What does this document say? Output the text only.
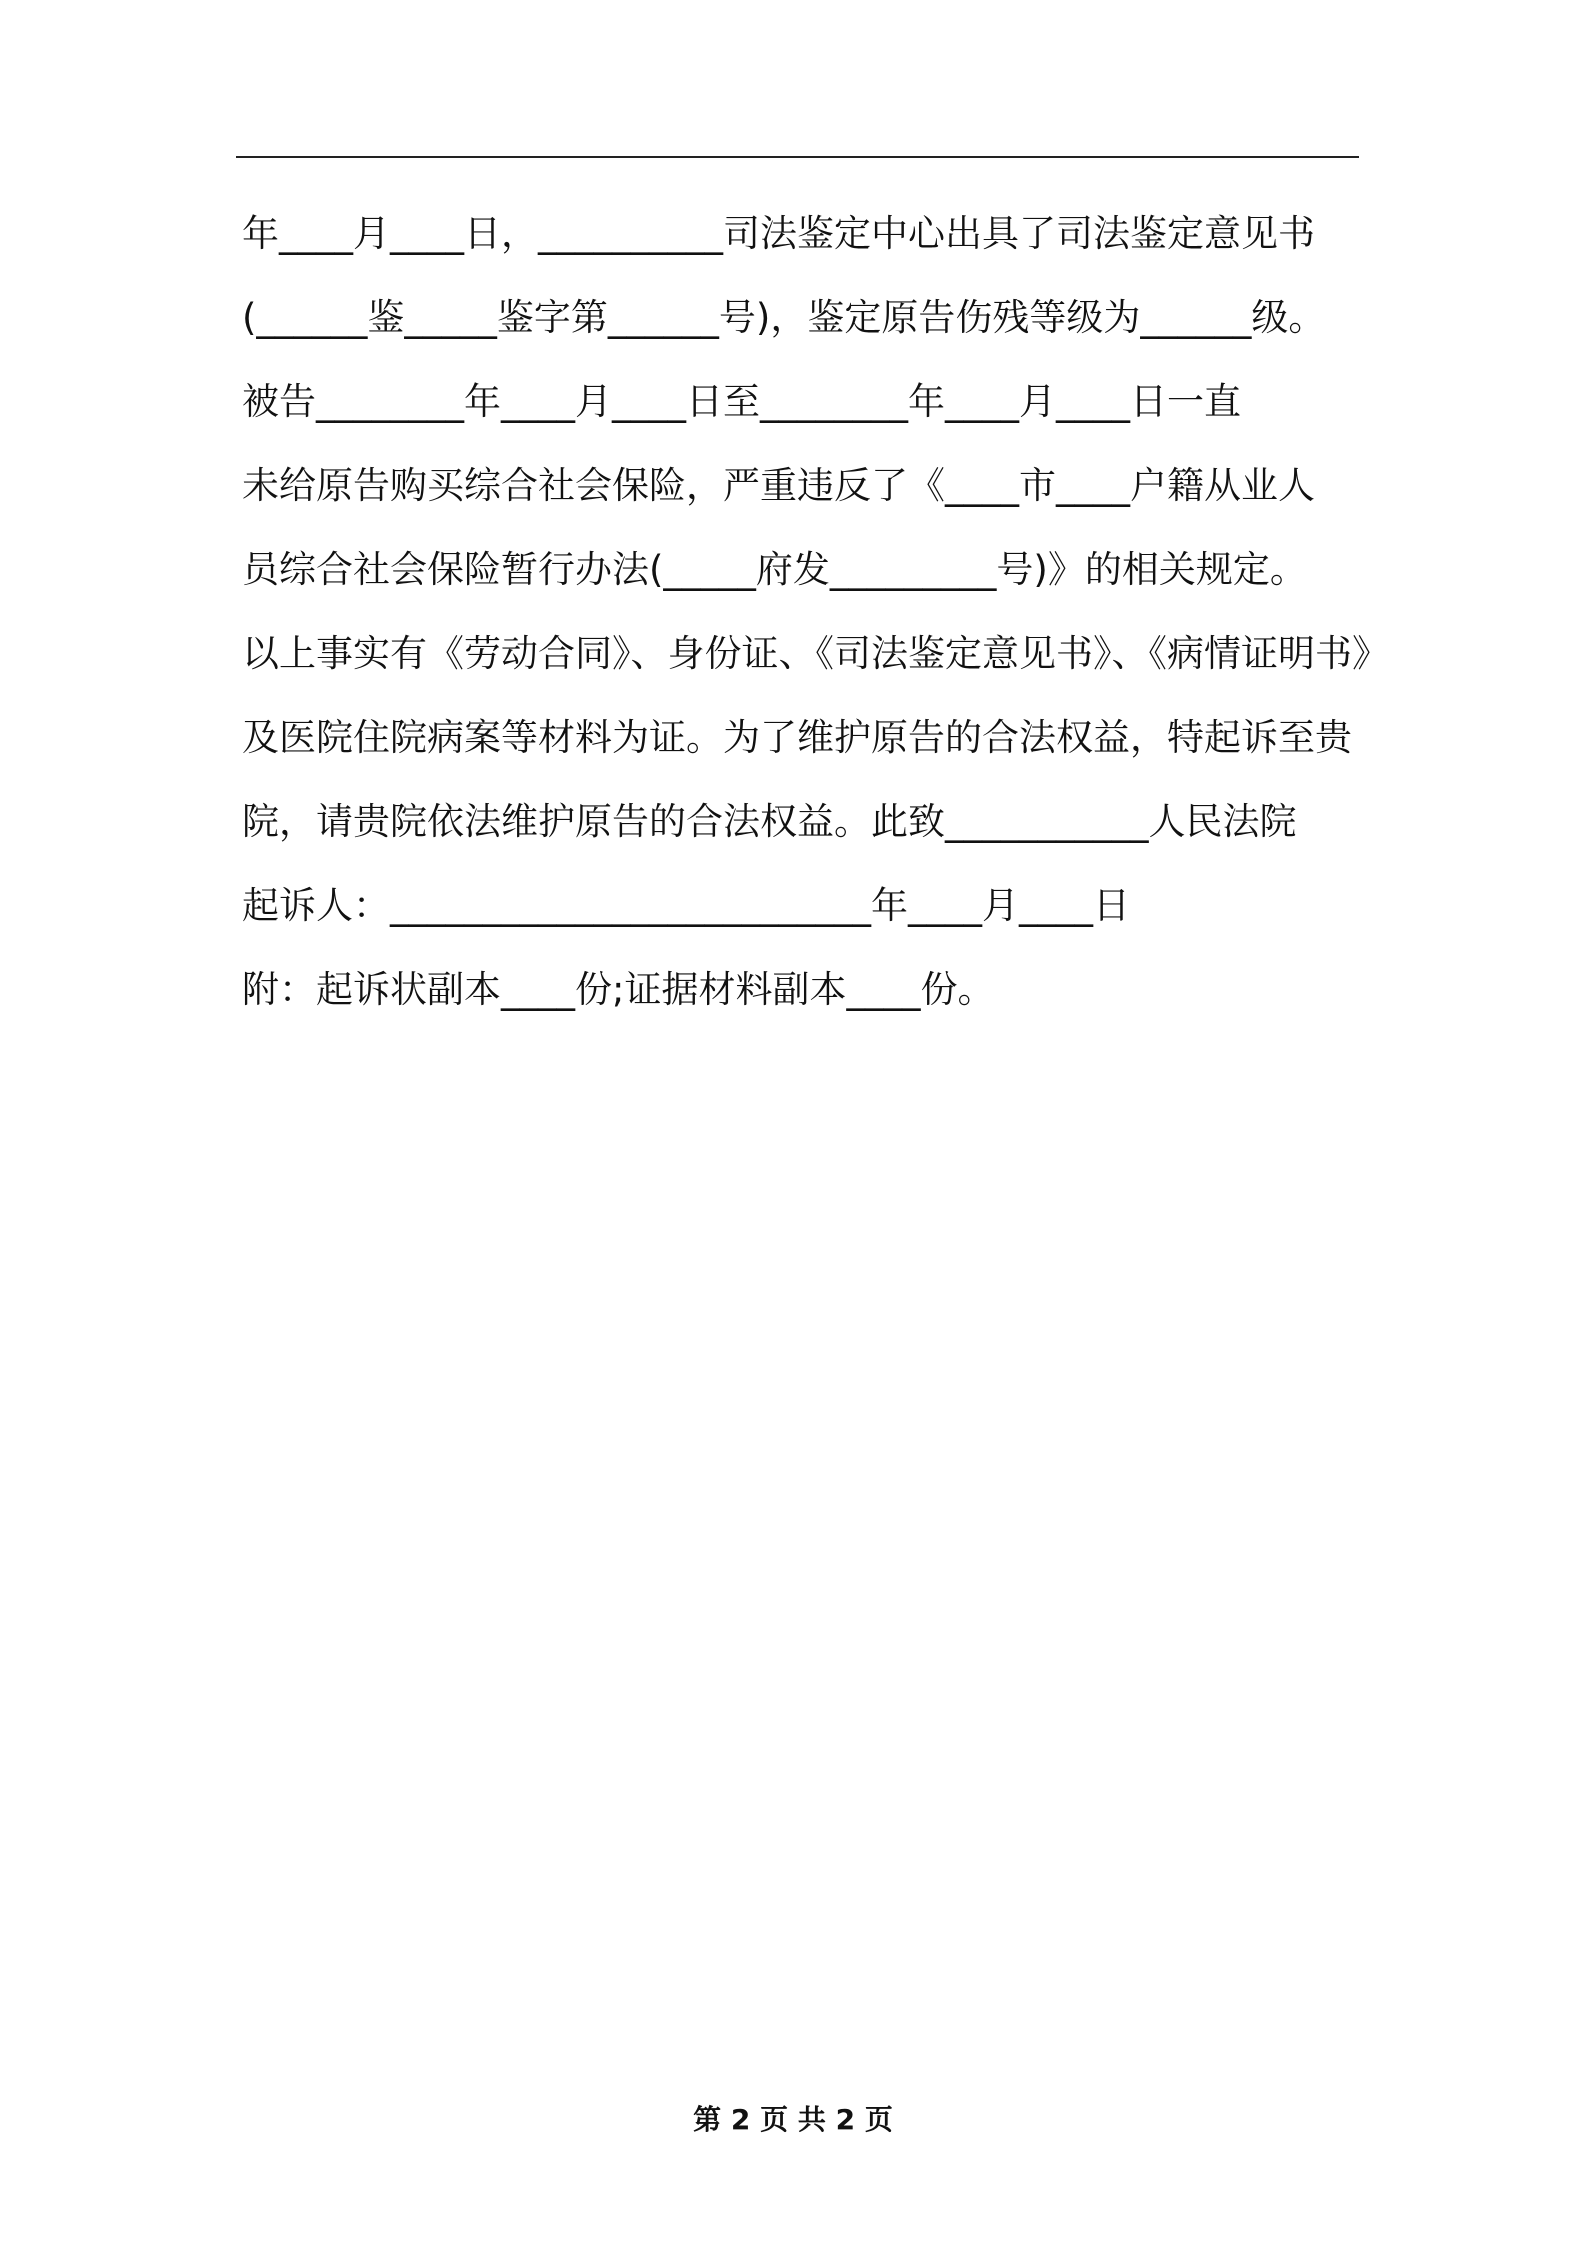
年____月____日，__________司法鉴定中心出具了司法鉴定意见书
(______鉴_____鉴字第______号)，鉴定原告伤残等级为______级。
被告________年____月____日至________年____月____日一直
未给原告购买综合社会保险，严重违反了《____市____户籍从业人
员综合社会保险暂行办法(_____府发_________号)》的相关规定。
以上事实有《劳动合同》、身份证、《司法鉴定意见书》、《病情证明书》
及医院住院病案等材料为证。为了维护原告的合法权益，特起诉至贵
院，请贵院依法维护原告的合法权益。此致___________人民法院
起诉人：__________________________年____月____日
附：起诉状副本____份;证据材料副本____份。
第 2 页 共 2 页
